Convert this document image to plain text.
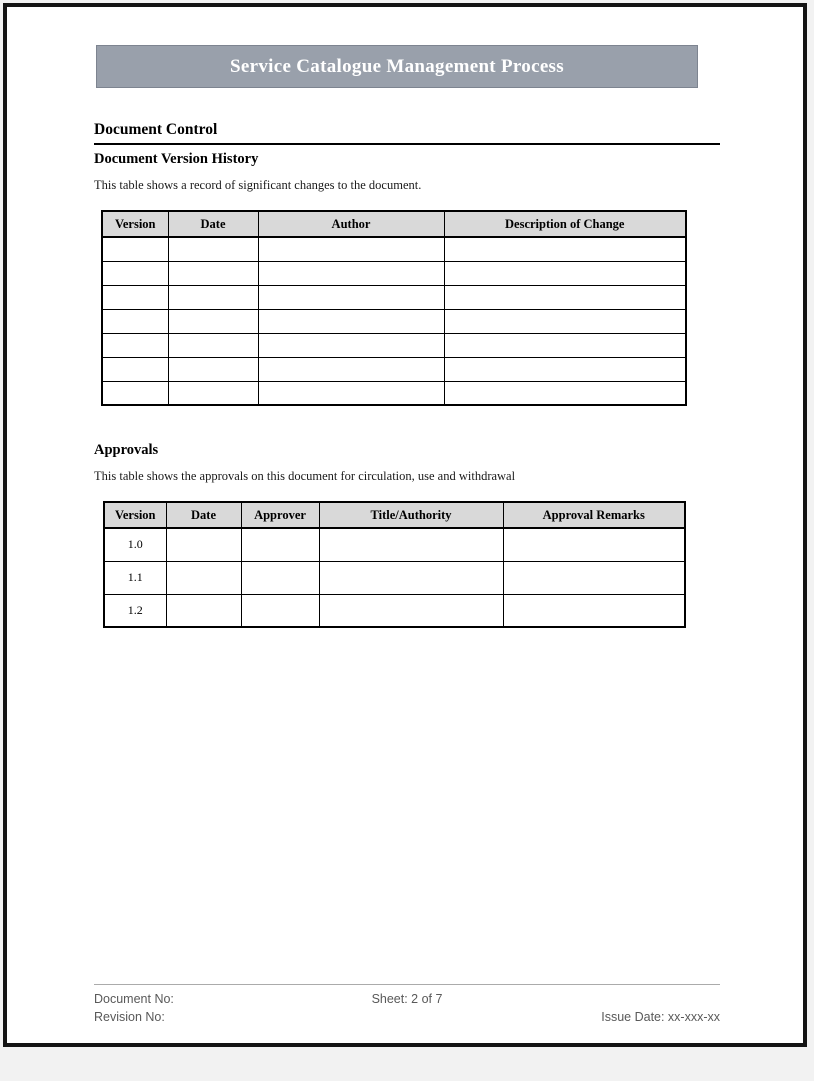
Service Catalogue Management Process
Document Control
Document Version History
This table shows a record of significant changes to the document.
Version	Date	Author	Description of Change

Approvals
This table shows the approvals on this document for circulation, use and withdrawal
Version	Date	Approver	Title/Authority	Approval Remarks
1.0				
1.1				
1.2				
Document No:	Sheet: 2 of 7
Revision No:	Issue Date: xx-xxx-xx
